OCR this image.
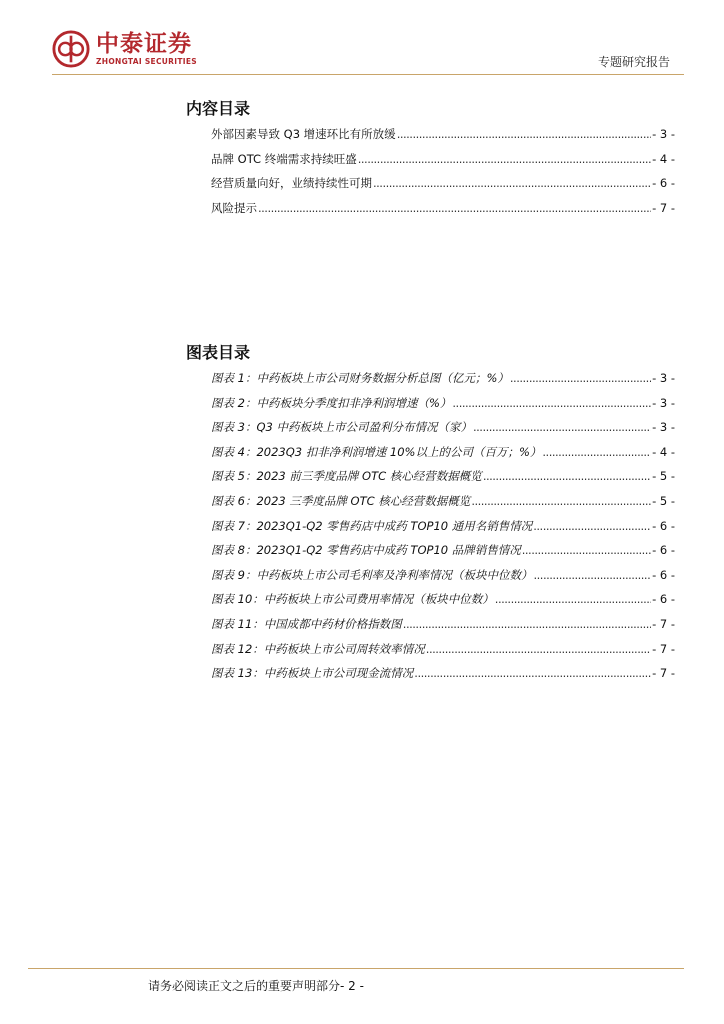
中泰证券
ZHONGTAI SECURITIES	专题研究报告
内容目录
外部因素导致 Q3 增速环比有所放缓 .....	- 3 -
品牌 OTC 终端需求持续旺盛 .....	- 4 -
经营质量向好，业绩持续性可期 .....	- 6 -
风险提示 .....	- 7 -
图表目录
图表 1：中药板块上市公司财务数据分析总图（亿元；%） .....	- 3 -
图表 2：中药板块分季度扣非净利润增速（%） .....	- 3 -
图表 3：Q3 中药板块上市公司盈利分布情况（家） .....	- 3 -
图表 4：2023Q3 扣非净利润增速 10%以上的公司（百万；%） .....	- 4 -
图表 5：2023 前三季度品牌 OTC 核心经营数据概览 .....	- 5 -
图表 6：2023 三季度品牌 OTC 核心经营数据概览 .....	- 5 -
图表 7：2023Q1-Q2 零售药店中成药 TOP10 通用名销售情况 .....	- 6 -
图表 8：2023Q1-Q2 零售药店中成药 TOP10 品牌销售情况 .....	- 6 -
图表 9：中药板块上市公司毛利率及净利率情况（板块中位数） .....	- 6 -
图表 10：中药板块上市公司费用率情况（板块中位数） .....	- 6 -
图表 11：中国成都中药材价格指数图 .....	- 7 -
图表 12：中药板块上市公司周转效率情况 .....	- 7 -
图表 13：中药板块上市公司现金流情况 .....	- 7 -
请务必阅读正文之后的重要声明部分- 2 -
